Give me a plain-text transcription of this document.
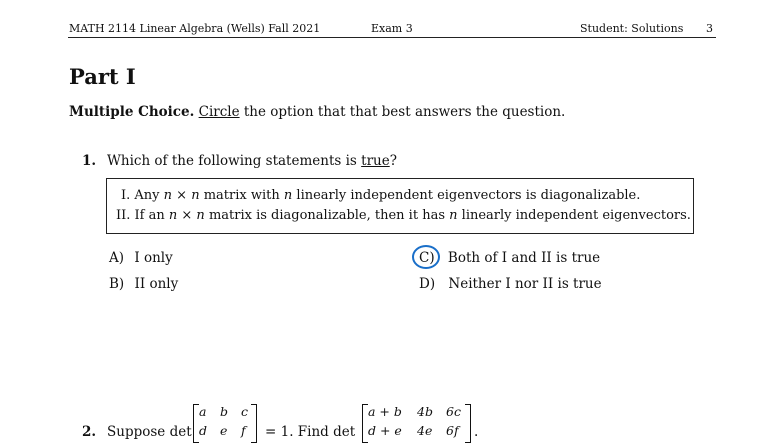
MATH 2114 Linear Algebra (Wells) Fall 2021	Exam 3	Student: Solutions 3
Part I
Multiple Choice. Circle the option that that best answers the question.
1. Which of the following statements is true?
I. Any n × n matrix with n linearly independent eigenvectors is diagonalizable.
II. If an n × n matrix is diagonalizable, then it has n linearly independent eigenvectors.
A) I only
B) II only
C) Both of I and II is true
D) Neither I nor II is true
2. Suppose det
a b c
d e f = 1. Find det
a + b 4b 6c
d + e 4e 6f .
